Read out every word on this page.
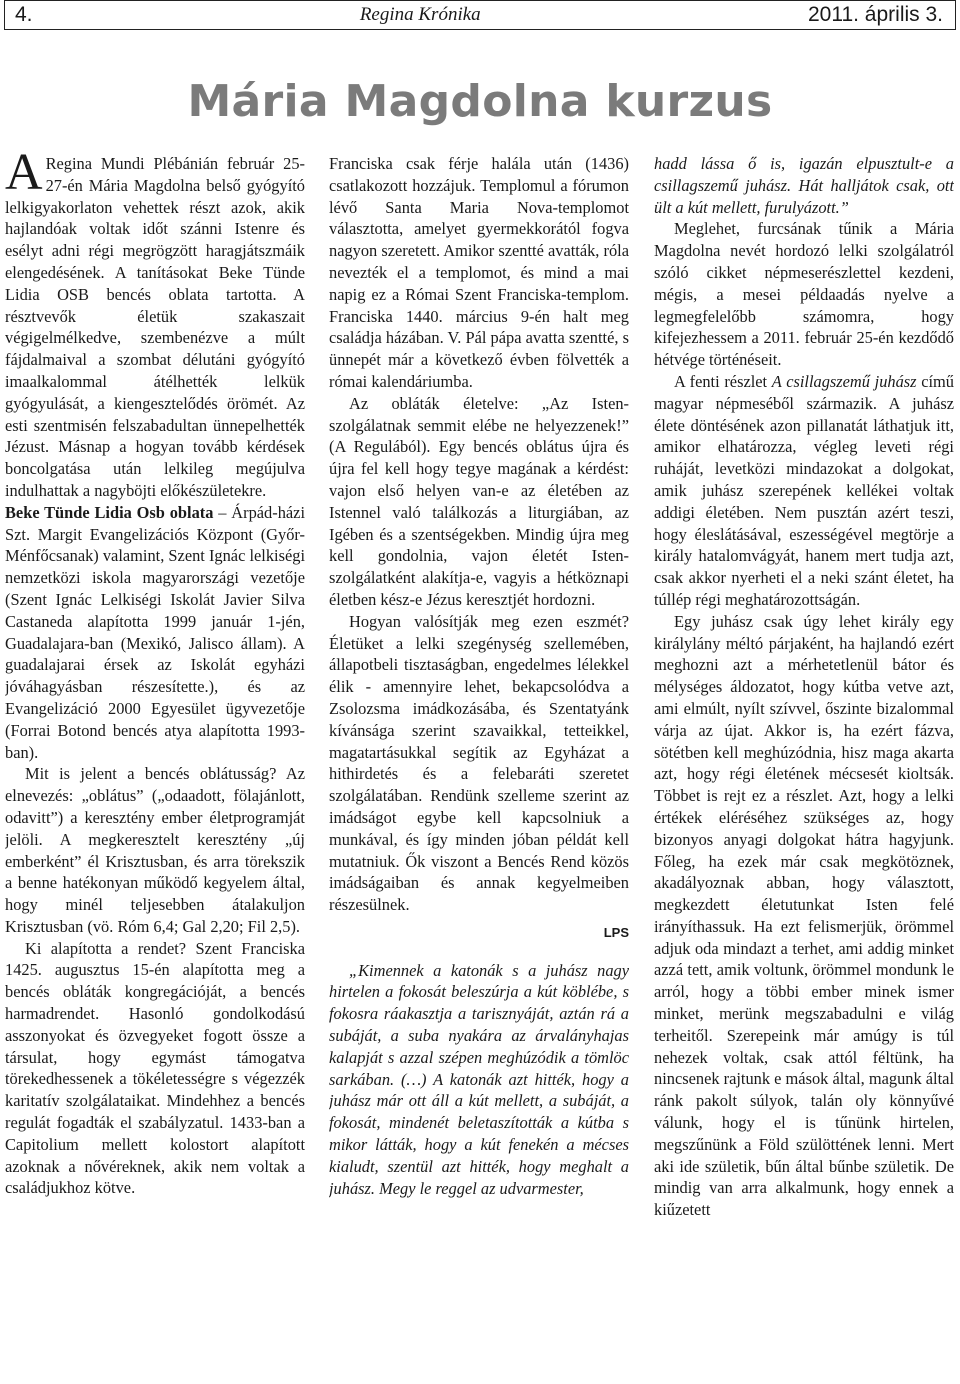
4.	Regina Krónika	2011. április 3.
Mária Magdolna kurzus

A Regina Mundi Plébánián február 25-27-én Mária Magdolna belső gyógyító lelkigyakorlaton vehettek részt azok, akik hajlandóak voltak időt szánni Istenre és esélyt adni régi megrögzött haragjátszmáik elengedésének. A tanításokat Beke Tünde Lidia OSB bencés oblata tartotta. A résztvevők életük szakaszait végigelmélkedve, szembenézve a múlt fájdalmaival a szombat délutáni gyógyító imaalkalommal átélhették lelkük gyógyulását, a kiengesztelődés örömét. Az esti szentmisén felszabadultan ünnepelhették Jézust. Másnap a hogyan tovább kérdések boncolgatása után lelkileg megújulva indulhattak a nagyböjti előkészületekre.

Beke Tünde Lidia Osb oblata – Árpád-házi Szt. Margit Evangelizációs Központ (Győr-Ménfőcsanak) valamint, Szent Ignác lelkiségi nemzetközi iskola magyarországi vezetője (Szent Ignác Lelkiségi Iskolát Javier Silva Castaneda alapította 1999 január 1-jén, Guadalajara-ban (Mexikó, Jalisco állam). A guadalajarai érsek az Iskolát egyházi jóváhagyásban részesítette.), és az Evangelizáció 2000 Egyesület ügyvezetője (Forrai Botond bencés atya alapította 1993-ban).

Mit is jelent a bencés oblátusság? Az elnevezés: „oblátus” („odaadott, fölajánlott, odavitt”) a keresztény ember életprogramját jelöli. A megkeresztelt keresztény „új emberként” él Krisztusban, és arra törekszik a benne hatékonyan működő kegyelem által, hogy minél teljesebben átalakuljon Krisztusban (vö. Róm 6,4; Gal 2,20; Fil 2,5).

Ki alapította a rendet? Szent Franciska 1425. augusztus 15-én alapította meg a bencés obláták kongregációját, a bencés harmadrendet. Hasonló gondolkodású asszonyokat és özvegyeket fogott össze a társulat, hogy egymást támogatva törekedhessenek a tökéletességre s végezzék karitatív szolgálataikat. Mindehhez a bencés regulát fogadták el szabályzatul. 1433-ban a Capitolium mellett kolostort alapított azoknak a nővéreknek, akik nem voltak a családjukhoz kötve.

Franciska csak férje halála után (1436) csatlakozott hozzájuk. Templomul a fórumon lévő Santa Maria Nova-templomot választotta, amelyet gyermekkorától fogva nagyon szeretett. Amikor szentté avatták, róla nevezték el a templomot, és mind a mai napig ez a Római Szent Franciska-templom. Franciska 1440. március 9-én halt meg családja házában. V. Pál pápa avatta szentté, s ünnepét már a következő évben fölvették a római kalendáriumba.

Az obláták életelve: „Az Isten-szolgálatnak semmit elébe ne helyezzenek!” (A Regulából). Egy bencés oblátus újra és újra fel kell hogy tegye magának a kérdést: vajon első helyen van-e az életében az Istennel való találkozás a liturgiában, az Igében és a szentségekben. Mindig újra meg kell gondolnia, vajon életét Isten-szolgálatként alakítja-e, vagyis a hétköznapi életben kész-e Jézus keresztjét hordozni.

Hogyan valósítják meg ezen eszmét? Életüket a lelki szegénység szellemében, állapotbeli tisztaságban, engedelmes lélekkel élik - amennyire lehet, bekapcsolódva a Zsolozsma imádkozásába, és Szentatyánk kívánsága szerint szavaikkal, tetteikkel, magatartásukkal segítik az Egyházat a hithirdetés és a felebaráti szeretet szolgálatában. Rendünk szelleme szerint az imádságot egybe kell kapcsolniuk a munkával, és így minden jóban példát kell mutatniuk. Ők viszont a Bencés Rend közös imádságaiban és annak kegyelmeiben részesülnek.

LPS

„Kimennek a katonák s a juhász nagy hirtelen a fokosát beleszúrja a kút köblébe, s fokosra ráakasztja a tarisznyáját, aztán rá a subáját, a suba nyakára az árvalányhajas kalapját s azzal szépen meghúzódik a tömlöc sarkában. (…) A katonák azt hitték, hogy a juhász már ott áll a kút mellett, a subáját, a fokosát, mindenét beletaszították a kútba s mikor látták, hogy a kút fenekén a mécses kialudt, szentül azt hitték, hogy meghalt a juhász. Megy le reggel az udvarmester,

hadd lássa ő is, igazán elpusztult-e a csillagszemű juhász. Hát halljátok csak, ott ült a kút mellett, furulyázott.”

Meglehet, furcsának tűnik a Mária Magdolna nevét hordozó lelki szolgálatról szóló cikket népmeserészlettel kezdeni, mégis, a mesei példaadás nyelve a legmegfelelőbb számomra, hogy kifejezhessem a 2011. február 25-én kezdődő hétvége történéseit.

A fenti részlet A csillagszemű juhász című magyar népmeséből származik. A juhász élete döntésének azon pillanatát láthatjuk itt, amikor elhatározza, végleg leveti régi ruháját, levetközi mindazokat a dolgokat, amik juhász szerepének kellékei voltak addigi életében. Nem pusztán azért teszi, hogy éleslátásával, eszességével megtörje a király hatalomvágyát, hanem mert tudja azt, csak akkor nyerheti el a neki szánt életet, ha túllép régi meghatározottságán.

Egy juhász csak úgy lehet király egy királylány méltó párjaként, ha hajlandó ezért meghozni azt a mérhetetlenül bátor és mélységes áldozatot, hogy kútba vetve azt, ami elmúlt, nyílt szívvel, őszinte bizalommal várja az újat. Akkor is, ha ezért fázva, sötétben kell meghúzódnia, hisz maga akarta azt, hogy régi életének mécsesét kioltsák. Többet is rejt ez a részlet. Azt, hogy a lelki értékek eléréséhez szükséges az, hogy bizonyos anyagi dolgokat hátra hagyjunk. Főleg, ha ezek már csak megkötöznek, akadályoznak abban, hogy választott, megkezdett életutunkat Isten felé irányíthassuk. Ha ezt felismerjük, örömmel adjuk oda mindazt a terhet, ami addig minket azzá tett, amik voltunk, örömmel mondunk le arról, hogy a többi ember minek ismer minket, merünk megszabadulni e világ terheitől. Szerepeink már amúgy is túl nehezek voltak, csak attól féltünk, ha nincsenek rajtunk e mások által, magunk által ránk pakolt súlyok, talán oly könnyűvé válunk, hogy el is tűnünk hirtelen, megszűnünk a Föld szülöttének lenni. Mert aki ide születik, bűn által bűnbe születik. De mindig van arra alkalmunk, hogy ennek a kiűzetett
